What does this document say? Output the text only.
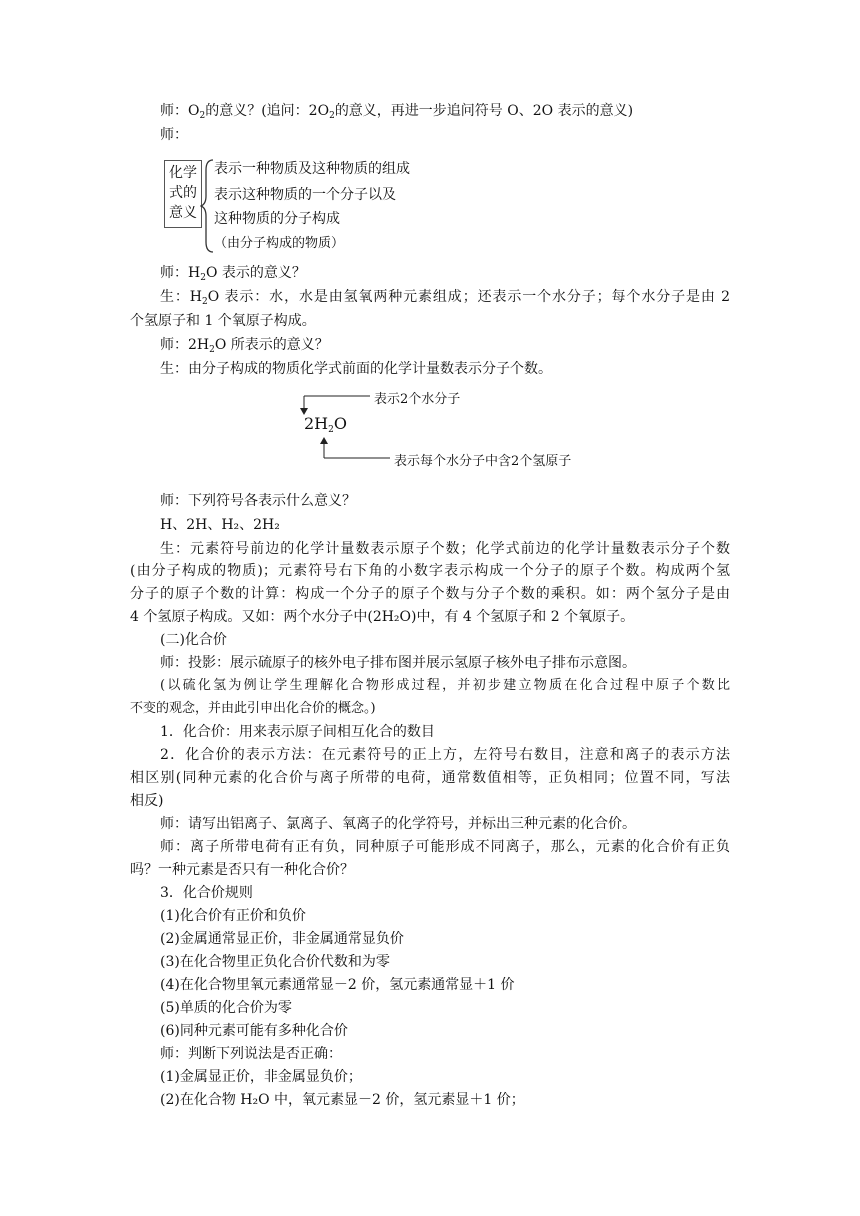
师：$O_2$的意义？(追问：$2O_2$的意义，再进一步追问符号 O、2O 表示的意义)
师：
化学
式的
意义
表示一种物质及这种物质的组成
表示这种物质的一个分子以及
这种物质的分子构成
（由分子构成的物质）
师：$H_2O$ 表示的意义？
生：$H_2O$ 表示：水，水是由氢氧两种元素组成；还表示一个水分子；每个水分子是由 2
个氢原子和 1 个氧原子构成。
师：$2H_2O$ 所表示的意义？
生：由分子构成的物质化学式前面的化学计量数表示分子个数。
$2H_2O$
表示2个水分子
表示每个水分子中含2个氢原子
师：下列符号各表示什么意义？
H、2H、H₂、2H₂
生：元素符号前边的化学计量数表示原子个数；化学式前边的化学计量数表示分子个数
(由分子构成的物质)；元素符号右下角的小数字表示构成一个分子的原子个数。构成两个氢
分子的原子个数的计算：构成一个分子的原子个数与分子个数的乘积。如：两个氢分子是由
4 个氢原子构成。又如：两个水分子中(2H₂O)中，有 4 个氢原子和 2 个氧原子。
(二)化合价
师：投影：展示硫原子的核外电子排布图并展示氢原子核外电子排布示意图。
(以硫化氢为例让学生理解化合物形成过程，并初步建立物质在化合过程中原子个数比
不变的观念，并由此引申出化合价的概念。)
1．化合价：用来表示原子间相互化合的数目
2．化合价的表示方法：在元素符号的正上方，左符号右数目，注意和离子的表示方法
相区别(同种元素的化合价与离子所带的电荷，通常数值相等，正负相同；位置不同，写法
相反)
师：请写出铝离子、氯离子、氧离子的化学符号，并标出三种元素的化合价。
师：离子所带电荷有正有负，同种原子可能形成不同离子，那么，元素的化合价有正负
吗？一种元素是否只有一种化合价？
3．化合价规则
(1)化合价有正价和负价
(2)金属通常显正价，非金属通常显负价
(3)在化合物里正负化合价代数和为零
(4)在化合物里氧元素通常显－2 价，氢元素通常显＋1 价
(5)单质的化合价为零
(6)同种元素可能有多种化合价
师：判断下列说法是否正确：
(1)金属显正价，非金属显负价；
(2)在化合物 H₂O 中，氧元素显－2 价，氢元素显＋1 价；
